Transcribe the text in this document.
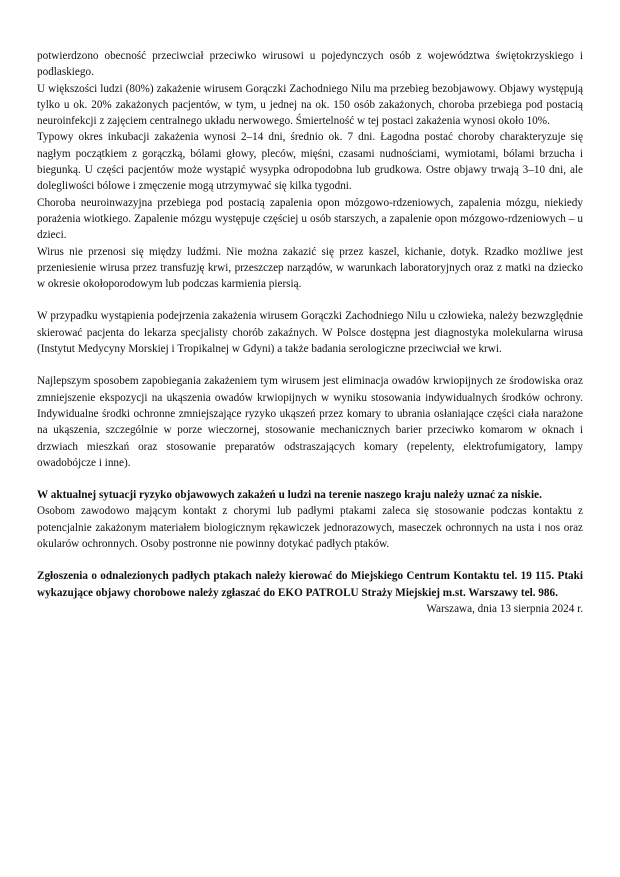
potwierdzono obecność przeciwciał przeciwko wirusowi u pojedynczych osób z województwa świętokrzyskiego i podlaskiego.

U większości ludzi (80%) zakażenie wirusem Gorączki Zachodniego Nilu ma przebieg bezobjawowy. Objawy występują tylko u ok. 20% zakażonych pacjentów, w tym, u jednej na ok. 150 osób zakażonych, choroba przebiega pod postacią neuroinfekcji z zajęciem centralnego układu nerwowego. Śmiertelność w tej postaci zakażenia wynosi około 10%.

Typowy okres inkubacji zakażenia wynosi 2–14 dni, średnio ok. 7 dni. Łagodna postać choroby charakteryzuje się nagłym początkiem z gorączką, bólami głowy, pleców, mięśni, czasami nudnościami, wymiotami, bólami brzucha i biegunką. U części pacjentów może wystąpić wysypka odropodobna lub grudkowa. Ostre objawy trwają 3–10 dni, ale dolegliwości bólowe i zmęczenie mogą utrzymywać się kilka tygodni.

Choroba neuroinwazyjna przebiega pod postacią zapalenia opon mózgowo-rdzeniowych, zapalenia mózgu, niekiedy porażenia wiotkiego. Zapalenie mózgu występuje częściej u osób starszych, a zapalenie opon mózgowo-rdzeniowych – u dzieci.

Wirus nie przenosi się między ludźmi. Nie można zakazić się przez kaszel, kichanie, dotyk. Rzadko możliwe jest przeniesienie wirusa przez transfuzję krwi, przeszczep narządów, w warunkach laboratoryjnych oraz z matki na dziecko w okresie okołoporodowym lub podczas karmienia piersią.

W przypadku wystąpienia podejrzenia zakażenia wirusem Gorączki Zachodniego Nilu u człowieka, należy bezwzględnie skierować pacjenta do lekarza specjalisty chorób zakaźnych. W Polsce dostępna jest diagnostyka molekularna wirusa (Instytut Medycyny Morskiej i Tropikalnej w Gdyni) a także badania serologiczne przeciwciał we krwi.

Najlepszym sposobem zapobiegania zakażeniem tym wirusem jest eliminacja owadów krwiopijnych ze środowiska oraz zmniejszenie ekspozycji na ukąszenia owadów krwiopijnych w wyniku stosowania indywidualnych środków ochrony. Indywidualne środki ochronne zmniejszające ryzyko ukąszeń przez komary to ubrania osłaniające części ciała narażone na ukąszenia, szczególnie w porze wieczornej, stosowanie mechanicznych barier przeciwko komarom w oknach i drzwiach mieszkań oraz stosowanie preparatów odstraszających komary (repelenty, elektrofumigatory, lampy owadobójcze i inne).

W aktualnej sytuacji ryzyko objawowych zakażeń u ludzi na terenie naszego kraju należy uznać za niskie.

Osobom zawodowo mającym kontakt z chorymi lub padłymi ptakami zaleca się stosowanie podczas kontaktu z potencjalnie zakażonym materiałem biologicznym rękawiczek jednorazowych, maseczek ochronnych na usta i nos oraz okularów ochronnych. Osoby postronne nie powinny dotykać padłych ptaków.

Zgłoszenia o odnalezionych padłych ptakach należy kierować do Miejskiego Centrum Kontaktu tel. 19 115. Ptaki wykazujące objawy chorobowe należy zgłaszać do EKO PATROLU Straży Miejskiej m.st. Warszawy tel. 986.

Warszawa, dnia 13 sierpnia 2024 r.
